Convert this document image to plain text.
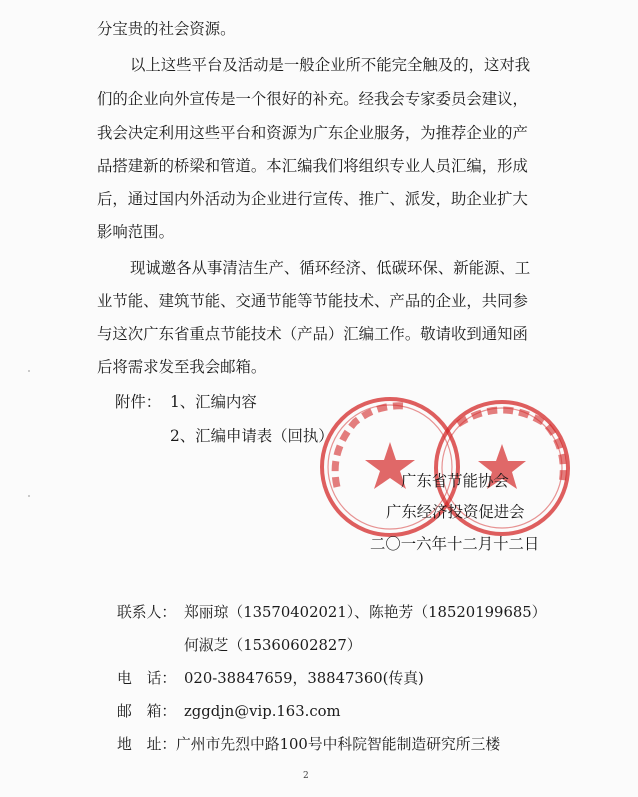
分宝贵的社会资源。
以上这些平台及活动是一般企业所不能完全触及的，这对我
们的企业向外宣传是一个很好的补充。经我会专家委员会建议，
我会决定利用这些平台和资源为广东企业服务，为推荐企业的产
品搭建新的桥梁和管道。本汇编我们将组织专业人员汇编，形成
后，通过国内外活动为企业进行宣传、推广、派发，助企业扩大
影响范围。
现诚邀各从事清洁生产、循环经济、低碳环保、新能源、工
业节能、建筑节能、交通节能等节能技术、产品的企业，共同参
与这次广东省重点节能技术（产品）汇编工作。敬请收到通知函
后将需求发至我会邮箱。
附件： 1、汇编内容
2、汇编申请表（回执）
广东省节能协会
广东经济投资促进会
二〇一六年十二月十二日
联系人： 郑丽琼（13570402021）、陈艳芳（18520199685）
何淑芝（15360602827）
电　话： 020-38847659，38847360(传真)
邮　箱： zggdjn@vip.163.com
地　址： 广州市先烈中路100号中科院智能制造研究所三楼
2
